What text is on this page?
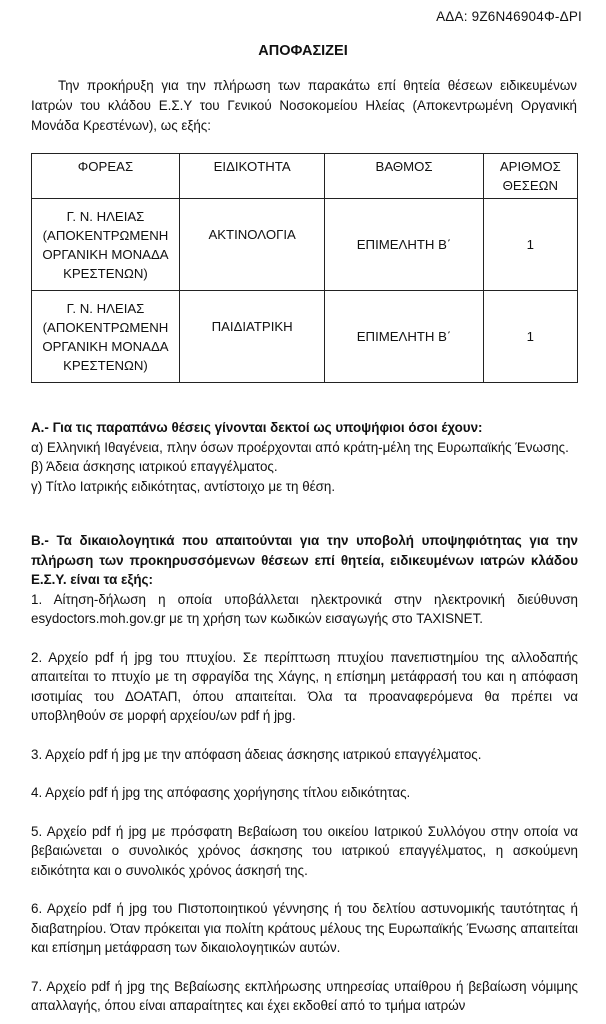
ΑΔΑ: 9Ζ6Ν46904Φ-ΔΡΙ
ΑΠΟΦΑΣΙΖΕΙ
Την προκήρυξη για την πλήρωση των παρακάτω επί θητεία θέσεων ειδικευμένων Ιατρών του κλάδου Ε.Σ.Υ του Γενικού Νοσοκομείου Ηλείας (Αποκεντρωμένη Οργανική Μονάδα Κρεστένων), ως εξής:
ΦΟΡΕΑΣ	ΕΙΔΙΚΟΤΗΤΑ	ΒΑΘΜΟΣ	ΑΡΙΘΜΟΣ ΘΕΣΕΩΝ
Γ. Ν. ΗΛΕΙΑΣ (ΑΠΟΚΕΝΤΡΩΜΕΝΗ ΟΡΓΑΝΙΚΗ ΜΟΝΑΔΑ ΚΡΕΣΤΕΝΩΝ)	ΑΚΤΙΝΟΛΟΓΙΑ	ΕΠΙΜΕΛΗΤΗ Β΄	1
Γ. Ν. ΗΛΕΙΑΣ (ΑΠΟΚΕΝΤΡΩΜΕΝΗ ΟΡΓΑΝΙΚΗ ΜΟΝΑΔΑ ΚΡΕΣΤΕΝΩΝ)	ΠΑΙΔΙΑΤΡΙΚΗ	ΕΠΙΜΕΛΗΤΗ Β΄	1

Α.- Για τις παραπάνω θέσεις γίνονται δεκτοί ως υποψήφιοι όσοι έχουν:

α) Ελληνική Ιθαγένεια, πλην όσων προέρχονται από κράτη-μέλη της Ευρωπαϊκής Ένωσης.

β) Άδεια άσκησης ιατρικού επαγγέλματος.

γ) Τίτλο Ιατρικής ειδικότητας, αντίστοιχο με τη θέση.

Β.- Τα δικαιολογητικά που απαιτούνται για την υποβολή υποψηφιότητας για την πλήρωση των προκηρυσσόμενων θέσεων επί θητεία, ειδικευμένων ιατρών κλάδου Ε.Σ.Υ. είναι τα εξής:

1. Αίτηση-δήλωση η οποία υποβάλλεται ηλεκτρονικά στην ηλεκτρονική διεύθυνση esydoctors.moh.gov.gr με τη χρήση των κωδικών εισαγωγής στο TAXISNET.

2. Αρχείο pdf ή jpg του πτυχίου. Σε περίπτωση πτυχίου πανεπιστημίου της αλλοδαπής απαιτείται το πτυχίο με τη σφραγίδα της Χάγης, η επίσημη μετάφρασή του και η απόφαση ισοτιμίας του ΔΟΑΤΑΠ, όπου απαιτείται. Όλα τα προαναφερόμενα θα πρέπει να υποβληθούν σε μορφή αρχείου/ων pdf ή jpg.

3. Αρχείο pdf ή jpg με την απόφαση άδειας άσκησης ιατρικού επαγγέλματος.

4. Αρχείο pdf ή jpg της απόφασης χορήγησης τίτλου ειδικότητας.

5. Αρχείο pdf ή jpg με πρόσφατη Βεβαίωση του οικείου Ιατρικού Συλλόγου στην οποία να βεβαιώνεται ο συνολικός χρόνος άσκησης του ιατρικού επαγγέλματος, η ασκούμενη ειδικότητα και ο συνολικός χρόνος άσκησή της.

6. Αρχείο pdf ή jpg του Πιστοποιητικού γέννησης ή του δελτίου αστυνομικής ταυτότητας ή διαβατηρίου. Όταν πρόκειται για πολίτη κράτους μέλους της Ευρωπαϊκής Ένωσης απαιτείται και επίσημη μετάφραση των δικαιολογητικών αυτών.

7. Αρχείο pdf ή jpg της Βεβαίωσης εκπλήρωσης υπηρεσίας υπαίθρου ή βεβαίωση νόμιμης απαλλαγής, όπου είναι απαραίτητες και έχει εκδοθεί από το τμήμα ιατρών
